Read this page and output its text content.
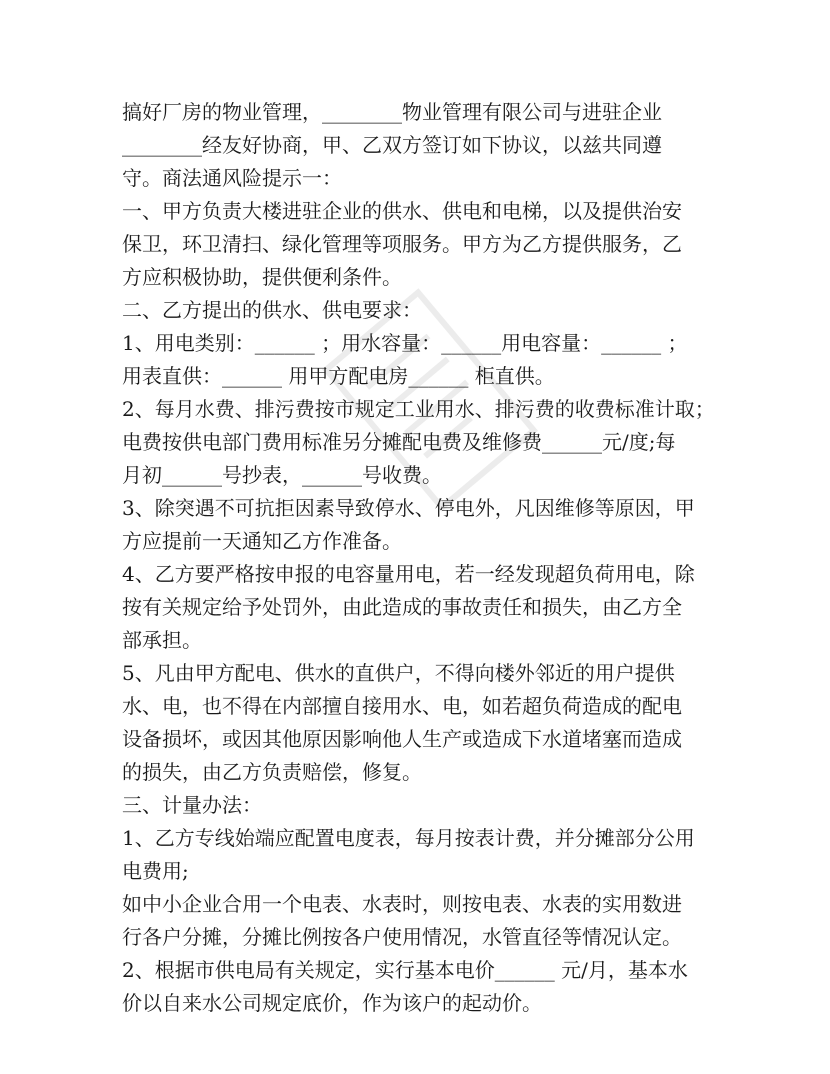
搞好厂房的物业管理，________物业管理有限公司与进驻企业
________经友好协商，甲、乙双方签订如下协议，以兹共同遵
守。商法通风险提示一：
一、甲方负责大楼进驻企业的供水、供电和电梯，以及提供治安
保卫，环卫清扫、绿化管理等项服务。甲方为乙方提供服务，乙
方应积极协助，提供便利条件。
二、乙方提出的供水、供电要求：
1、用电类别：______ ；用水容量：______用电容量：______ ；
用表直供：______ 用甲方配电房______ 柜直供。
2、每月水费、排污费按市规定工业用水、排污费的收费标准计取；
电费按供电部门费用标准另分摊配电费及维修费______元/度;每
月初______号抄表，______号收费。
3、除突遇不可抗拒因素导致停水、停电外，凡因维修等原因，甲
方应提前一天通知乙方作准备。
4、乙方要严格按申报的电容量用电，若一经发现超负荷用电，除
按有关规定给予处罚外，由此造成的事故责任和损失，由乙方全
部承担。
5、凡由甲方配电、供水的直供户，不得向楼外邻近的用户提供
水、电，也不得在内部擅自接用水、电，如若超负荷造成的配电
设备损坏，或因其他原因影响他人生产或造成下水道堵塞而造成
的损失，由乙方负责赔偿，修复。
三、计量办法：
1、乙方专线始端应配置电度表，每月按表计费，并分摊部分公用
电费用;
如中小企业合用一个电表、水表时，则按电表、水表的实用数进
行各户分摊，分摊比例按各户使用情况，水管直径等情况认定。
2、根据市供电局有关规定，实行基本电价______ 元/月，基本水
价以自来水公司规定底价，作为该户的起动价。
